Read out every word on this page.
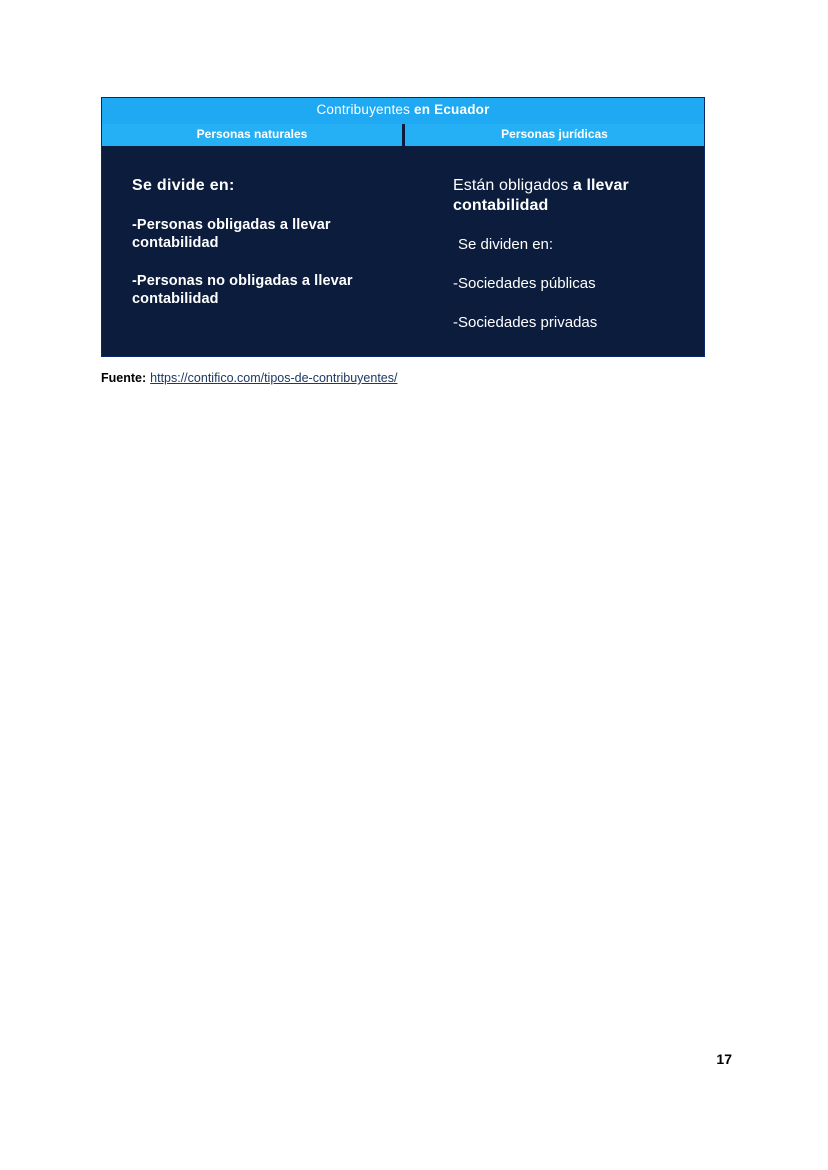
Contribuyentes en Ecuador
Personas naturales	Personas jurídicas

Se divide en:

-Personas obligadas a llevar contabilidad

-Personas no obligadas a llevar contabilidad

Están obligados a llevar contabilidad

Se dividen en:

-Sociedades públicas

-Sociedades privadas

Fuente: https://contifico.com/tipos-de-contribuyentes/
17
